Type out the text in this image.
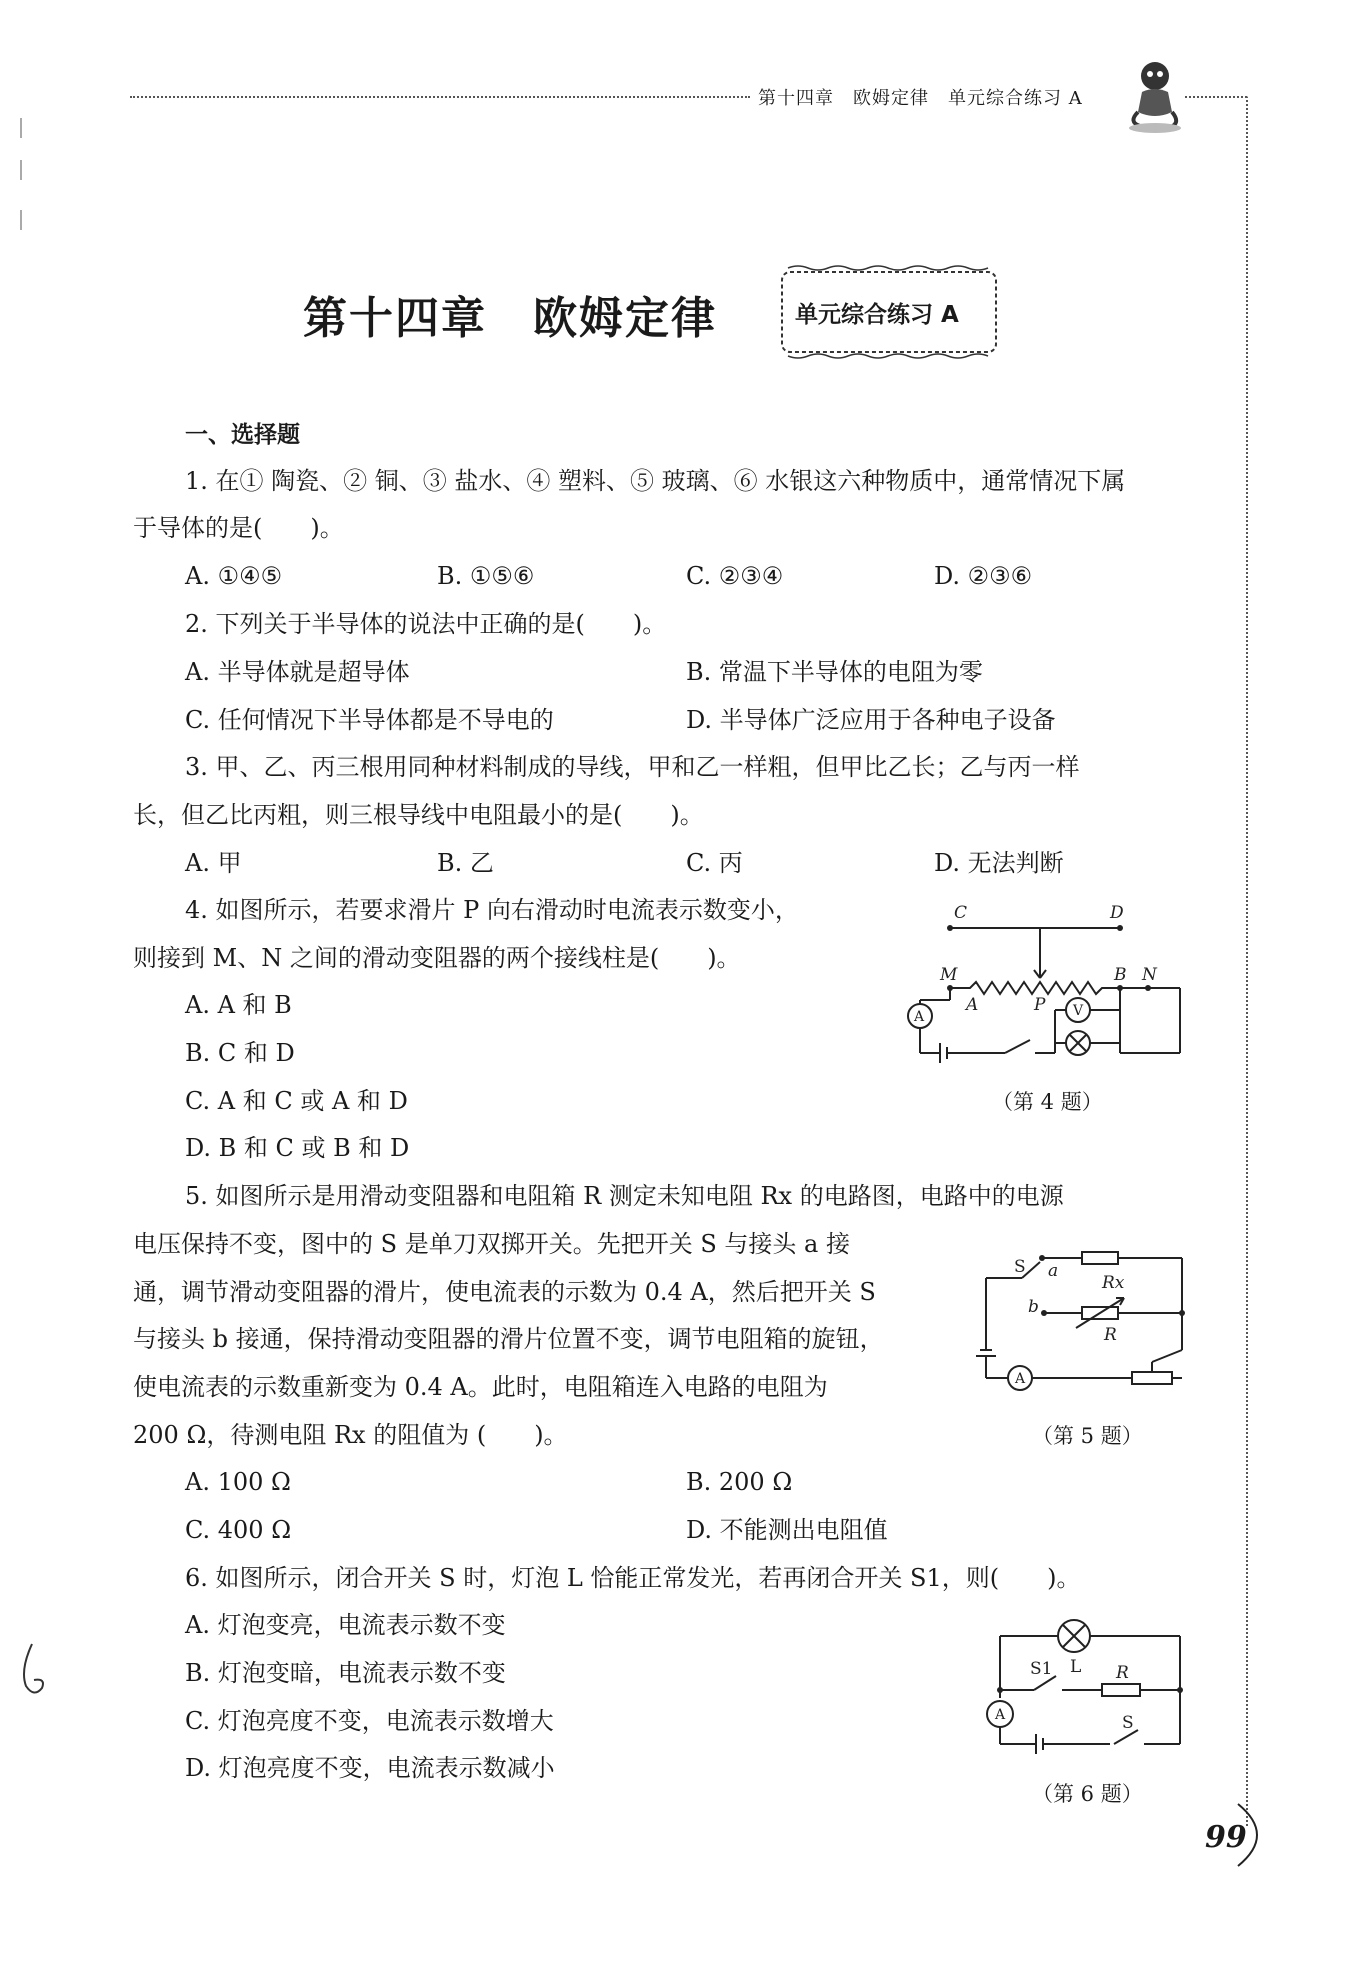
第十四章　欧姆定律　单元综合练习 A
第十四章　欧姆定律	单元综合练习 A
一、选择题
1. 在① 陶瓷、② 铜、③ 盐水、④ 塑料、⑤ 玻璃、⑥ 水银这六种物质中，通常情况下属
于导体的是(　　)。
A. ①④⑤	B. ①⑤⑥	C. ②③④	D. ②③⑥
2. 下列关于半导体的说法中正确的是(　　)。
A. 半导体就是超导体	B. 常温下半导体的电阻为零
C. 任何情况下半导体都是不导电的	D. 半导体广泛应用于各种电子设备
3. 甲、乙、丙三根用同种材料制成的导线，甲和乙一样粗，但甲比乙长；乙与丙一样
长，但乙比丙粗，则三根导线中电阻最小的是(　　)。
A. 甲	B. 乙	C. 丙	D. 无法判断
4. 如图所示，若要求滑片 P 向右滑动时电流表示数变小，
则接到 M、N 之间的滑动变阻器的两个接线柱是(　　)。
A. A 和 B
B. C 和 D
C. A 和 C 或 A 和 D
D. B 和 C 或 B 和 D
C	D
M	B N
A	P
A	V
（第 4 题）
5. 如图所示是用滑动变阻器和电阻箱 R 测定未知电阻 Rx 的电路图，电路中的电源
电压保持不变，图中的 S 是单刀双掷开关。先把开关 S 与接头 a 接
通，调节滑动变阻器的滑片，使电流表的示数为 0.4 A，然后把开关 S
与接头 b 接通，保持滑动变阻器的滑片位置不变，调节电阻箱的旋钮，
使电流表的示数重新变为 0.4 A。此时，电阻箱连入电路的电阻为
200 Ω，待测电阻 Rx 的阻值为 (　　)。
A. 100 Ω	B. 200 Ω
C. 400 Ω	D. 不能测出电阻值
S a
Rx
b
R
A
（第 5 题）
6. 如图所示，闭合开关 S 时，灯泡 L 恰能正常发光，若再闭合开关 S1，则(　　)。
A. 灯泡变亮，电流表示数不变
B. 灯泡变暗，电流表示数不变
C. 灯泡亮度不变，电流表示数增大
D. 灯泡亮度不变，电流表示数减小
S1 L R
S
A
（第 6 题）
99
